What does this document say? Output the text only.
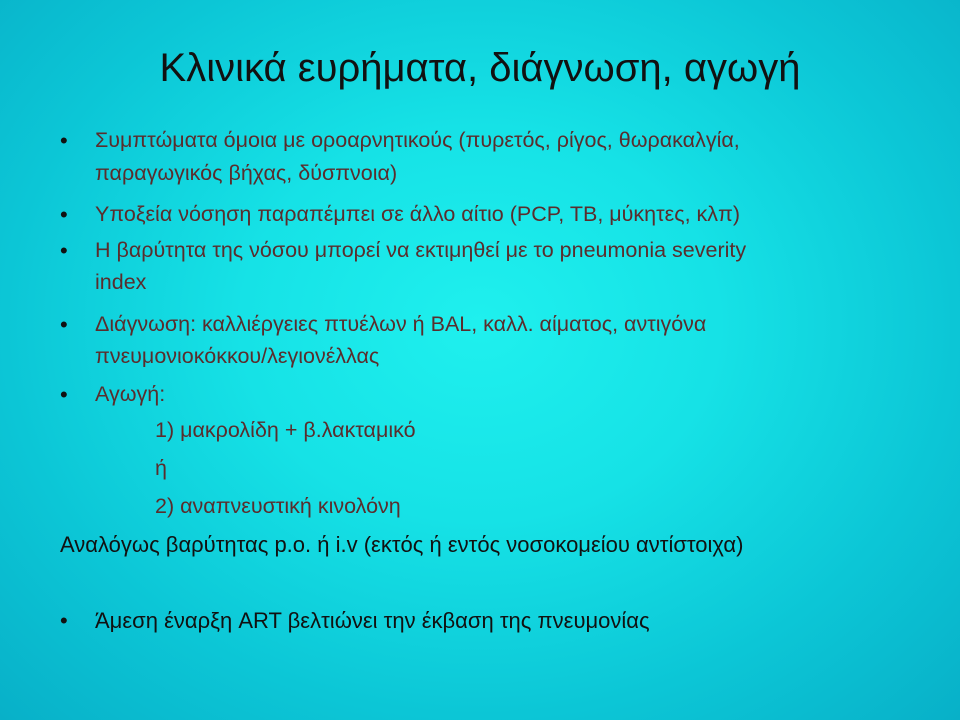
Κλινικά ευρήματα, διάγνωση, αγωγή
•	Συμπτώματα όμοια με οροαρνητικούς (πυρετός, ρίγος, θωρακαλγία,
παραγωγικός βήχας, δύσπνοια)
•	Υποξεία νόσηση παραπέμπει σε άλλο αίτιο (PCP, TB, μύκητες, κλπ)
•	Η βαρύτητα της νόσου μπορεί να εκτιμηθεί με το pneumonia severity
index
•	Διάγνωση: καλλιέργειες πτυέλων ή BAL, καλλ. αίματος, αντιγόνα
πνευμονιοκόκκου/λεγιονέλλας
•	Αγωγή:
1) μακρολίδη + β.λακταμικό
ή
2) αναπνευστική κινολόνη
Αναλόγως βαρύτητας p.o. ή i.v (εκτός ή εντός νοσοκομείου αντίστοιχα)
•	Άμεση έναρξη ART βελτιώνει την έκβαση της πνευμονίας
